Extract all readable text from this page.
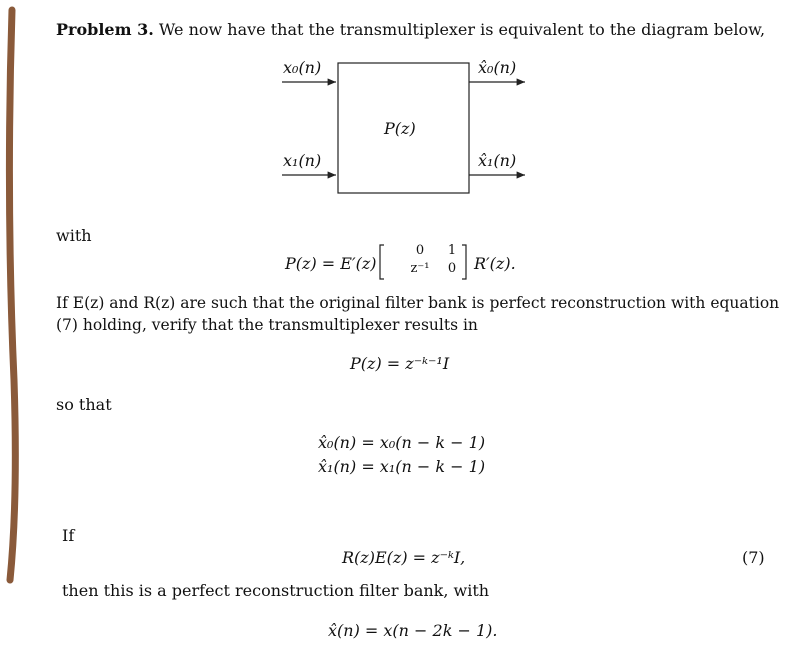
Problem 3. We now have that the transmultiplexer is equivalent to the diagram below,
x₀(n)
x₁(n)
x̂₀(n)
x̂₁(n)
P(z)
with
P(z) = E′(z)
0	1
z⁻¹	0	R′(z).
If E(z) and R(z) are such that the original filter bank is perfect reconstruction with equation
(7) holding, verify that the transmultiplexer results in
P(z) = z⁻ᵏ⁻¹I
so that
x̂₀(n) = x₀(n − k − 1)
x̂₁(n) = x₁(n − k − 1)
If
R(z)E(z) = z⁻ᵏI,	(7)
then this is a perfect reconstruction filter bank, with
x̂(n) = x(n − 2k − 1).
